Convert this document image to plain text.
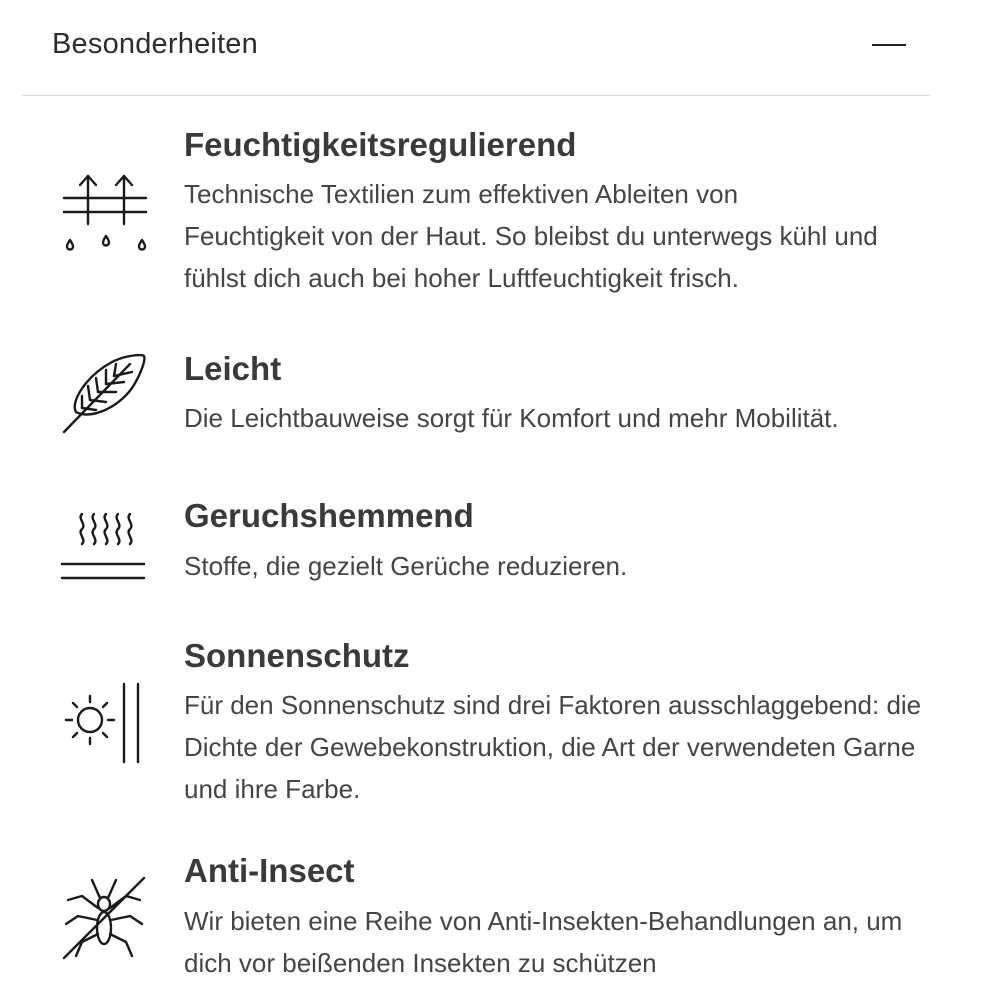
Besonderheiten
Feuchtigkeitsregulierend
Technische Textilien zum effektiven Ableiten von Feuchtigkeit von der Haut. So bleibst du unterwegs kühl und fühlst dich auch bei hoher Luftfeuchtigkeit frisch.
Leicht
Die Leichtbauweise sorgt für Komfort und mehr Mobilität.
Geruchshemmend
Stoffe, die gezielt Gerüche reduzieren.
Sonnenschutz
Für den Sonnenschutz sind drei Faktoren ausschlaggebend: die Dichte der Gewebekonstruktion, die Art der verwendeten Garne und ihre Farbe.
Anti-Insect
Wir bieten eine Reihe von Anti-Insekten-Behandlungen an, um dich vor beißenden Insekten zu schützen
